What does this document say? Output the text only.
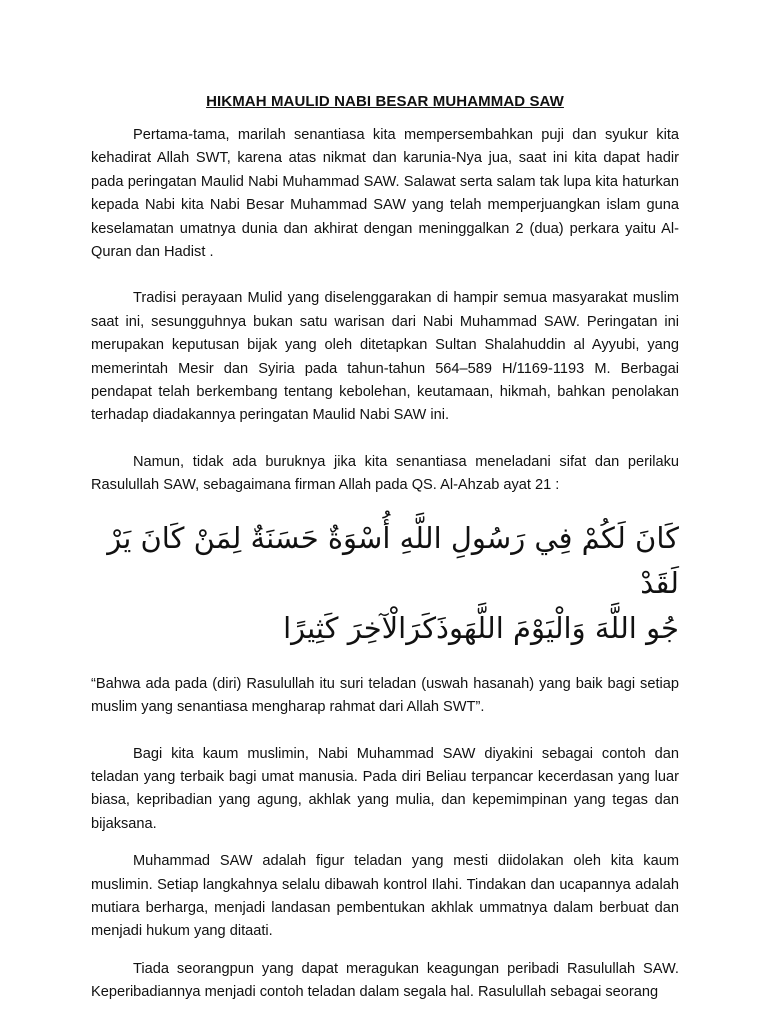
HIKMAH MAULID NABI BESAR MUHAMMAD SAW

Pertama-tama, marilah senantiasa kita mempersembahkan puji dan syukur kita kehadirat Allah SWT, karena atas nikmat dan karunia-Nya jua, saat ini kita dapat hadir pada peringatan Maulid Nabi Muhammad SAW. Salawat serta salam tak lupa kita haturkan kepada Nabi kita Nabi Besar Muhammad SAW yang telah memperjuangkan islam guna keselamatan umatnya dunia dan akhirat dengan meninggalkan 2 (dua) perkara yaitu Al-Quran dan Hadist .

Tradisi perayaan Mulid yang diselenggarakan di hampir semua masyarakat muslim saat ini, sesungguhnya bukan satu warisan dari Nabi Muhammad SAW. Peringatan ini merupakan keputusan bijak yang oleh ditetapkan Sultan Shalahuddin al Ayyubi, yang memerintah Mesir dan Syiria pada tahun-tahun 564–589 H/1169-1193 M. Berbagai pendapat telah berkembang tentang kebolehan, keutamaan, hikmah, bahkan penolakan terhadap diadakannya peringatan Maulid Nabi SAW ini.

Namun, tidak ada buruknya jika kita senantiasa meneladani sifat dan perilaku Rasulullah SAW, sebagaimana firman Allah pada QS. Al-Ahzab ayat 21 :

كَانَ لَكُمْ فِي رَسُولِ اللَّهِ أُسْوَةٌ حَسَنَةٌ لِمَنْ كَانَ يَرْ لَقَدْ
جُو اللَّهَ وَالْيَوْمَ اللَّهَوذَكَرَالْآخِرَ كَثِيرًا

“Bahwa ada pada (diri) Rasulullah itu suri teladan (uswah hasanah) yang baik bagi setiap muslim yang senantiasa mengharap rahmat dari Allah SWT”.

Bagi kita kaum muslimin, Nabi Muhammad SAW diyakini sebagai contoh dan teladan yang terbaik bagi umat manusia. Pada diri Beliau terpancar kecerdasan yang luar biasa, kepribadian yang agung, akhlak yang mulia, dan kepemimpinan yang tegas dan bijaksana.

Muhammad SAW adalah figur teladan yang mesti diidolakan oleh kita kaum muslimin. Setiap langkahnya selalu dibawah kontrol Ilahi. Tindakan dan ucapannya adalah mutiara berharga, menjadi landasan pembentukan akhlak ummatnya dalam berbuat dan menjadi hukum yang ditaati.

Tiada seorangpun yang dapat meragukan keagungan peribadi Rasulullah SAW. Keperibadiannya menjadi contoh teladan dalam segala hal. Rasulullah sebagai seorang
